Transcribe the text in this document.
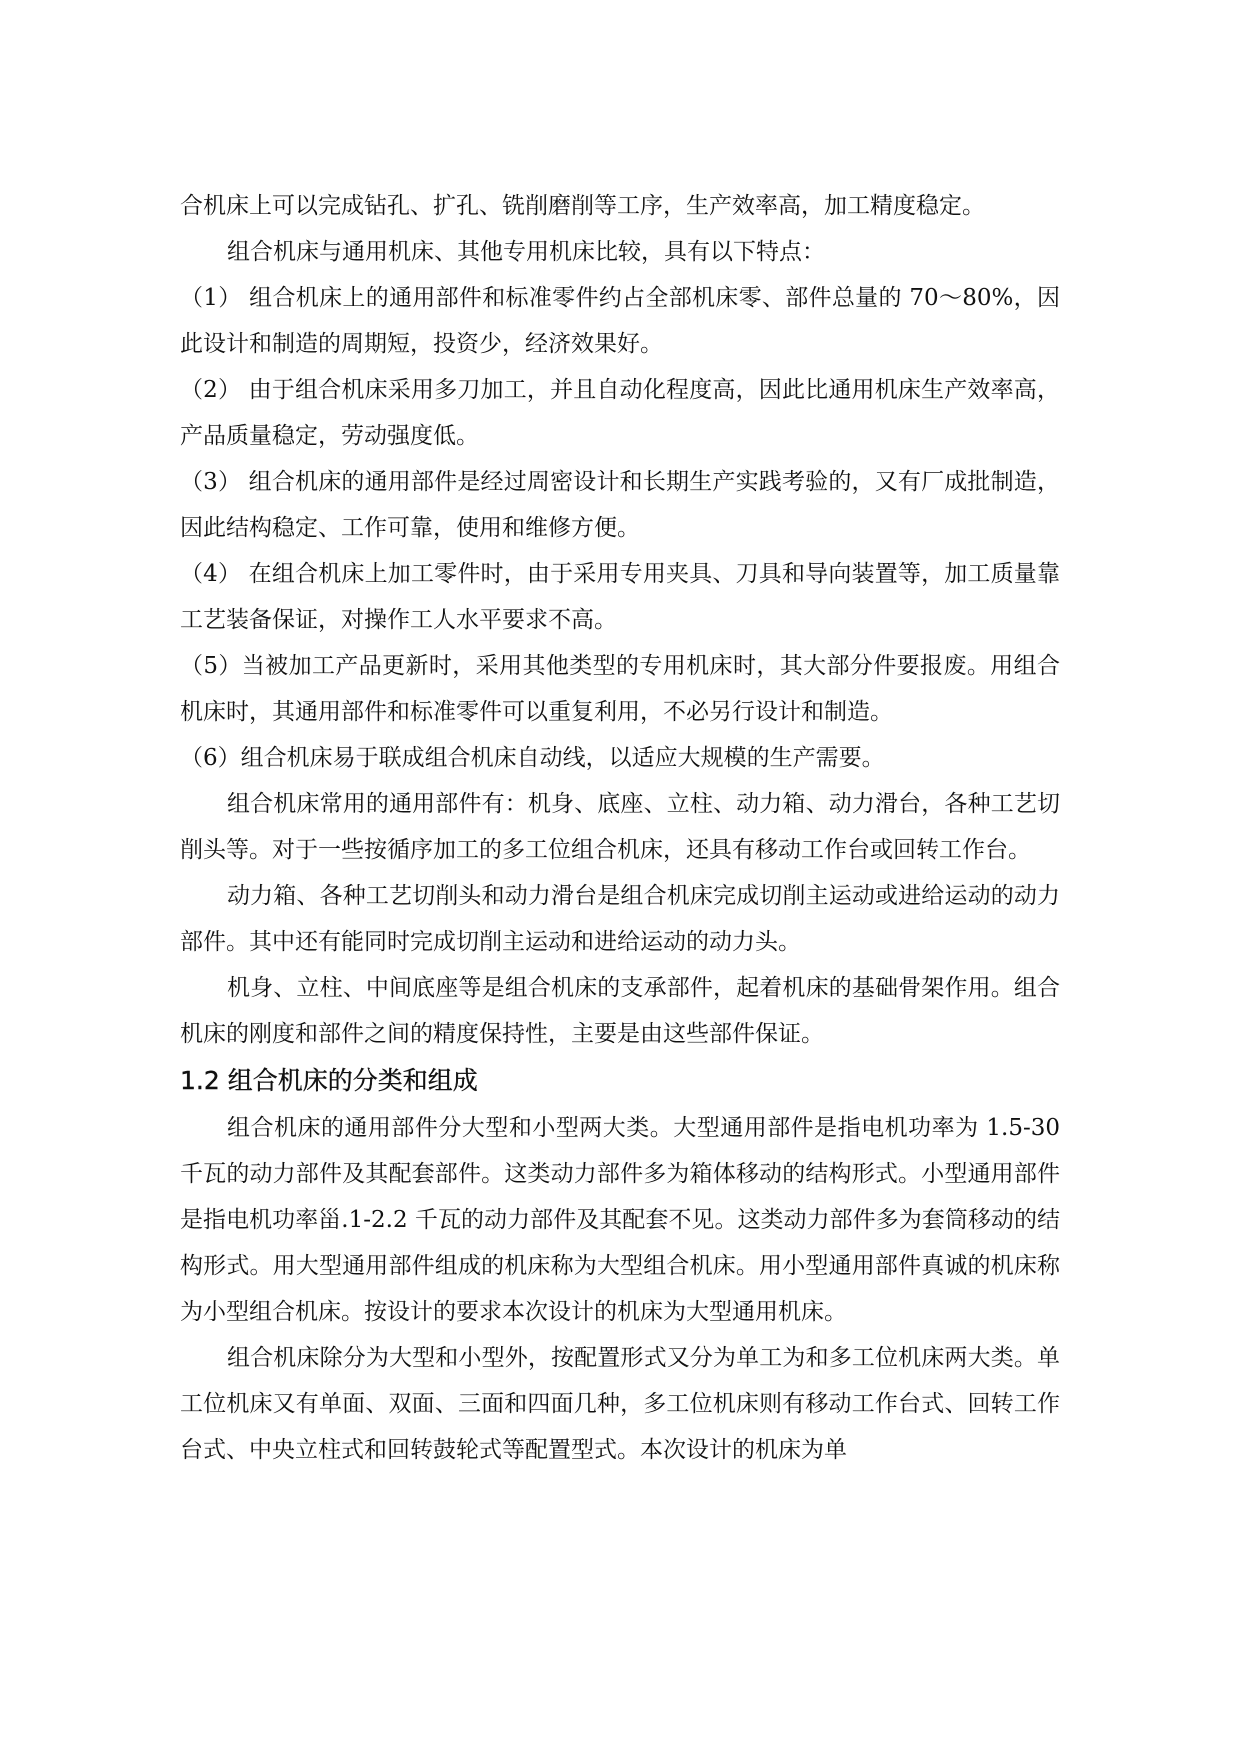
合机床上可以完成钻孔、扩孔、铣削磨削等工序，生产效率高，加工精度稳定。

组合机床与通用机床、其他专用机床比较，具有以下特点：

（1） 组合机床上的通用部件和标准零件约占全部机床零、部件总量的 70～80%，因此设计和制造的周期短，投资少，经济效果好。

（2） 由于组合机床采用多刀加工，并且自动化程度高，因此比通用机床生产效率高，产品质量稳定，劳动强度低。

（3） 组合机床的通用部件是经过周密设计和长期生产实践考验的，又有厂成批制造，因此结构稳定、工作可靠，使用和维修方便。

（4） 在组合机床上加工零件时，由于采用专用夹具、刀具和导向装置等，加工质量靠工艺装备保证，对操作工人水平要求不高。

（5）当被加工产品更新时，采用其他类型的专用机床时，其大部分件要报废。用组合机床时，其通用部件和标准零件可以重复利用，不必另行设计和制造。

（6）组合机床易于联成组合机床自动线，以适应大规模的生产需要。

组合机床常用的通用部件有：机身、底座、立柱、动力箱、动力滑台，各种工艺切削头等。对于一些按循序加工的多工位组合机床，还具有移动工作台或回转工作台。

动力箱、各种工艺切削头和动力滑台是组合机床完成切削主运动或进给运动的动力部件。其中还有能同时完成切削主运动和进给运动的动力头。

机身、立柱、中间底座等是组合机床的支承部件，起着机床的基础骨架作用。组合机床的刚度和部件之间的精度保持性，主要是由这些部件保证。

1.2 组合机床的分类和组成

组合机床的通用部件分大型和小型两大类。大型通用部件是指电机功率为 1.5-30 千瓦的动力部件及其配套部件。这类动力部件多为箱体移动的结构形式。小型通用部件是指电机功率甾.1-2.2 千瓦的动力部件及其配套不见。这类动力部件多为套筒移动的结构形式。用大型通用部件组成的机床称为大型组合机床。用小型通用部件真诚的机床称为小型组合机床。按设计的要求本次设计的机床为大型通用机床。

组合机床除分为大型和小型外，按配置形式又分为单工为和多工位机床两大类。单工位机床又有单面、双面、三面和四面几种，多工位机床则有移动工作台式、回转工作台式、中央立柱式和回转鼓轮式等配置型式。本次设计的机床为单
